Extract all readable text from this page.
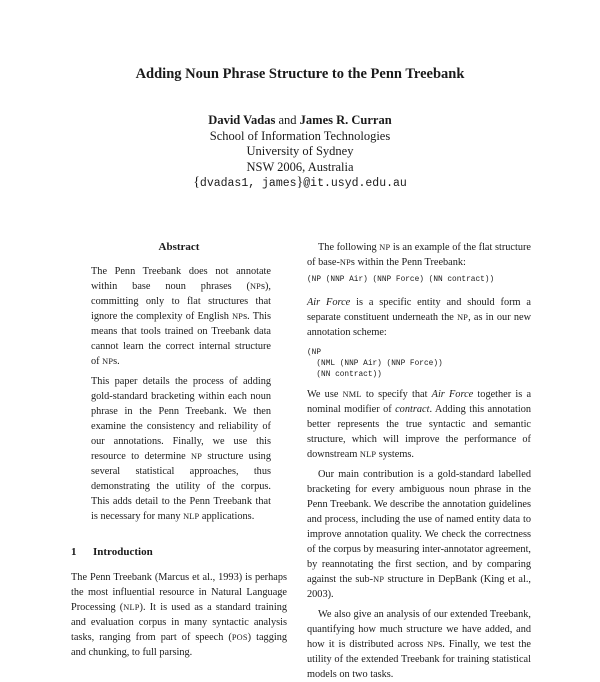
Adding Noun Phrase Structure to the Penn Treebank
David Vadas and James R. Curran
School of Information Technologies
University of Sydney
NSW 2006, Australia
{dvadas1, james}@it.usyd.edu.au
Abstract

The Penn Treebank does not annotate within base noun phrases (NPs), committing only to flat structures that ignore the complexity of English NPs. This means that tools trained on Treebank data cannot learn the correct internal structure of NPs.

This paper details the process of adding gold-standard bracketing within each noun phrase in the Penn Treebank. We then examine the consistency and reliability of our annotations. Finally, we use this resource to determine NP structure using several statistical approaches, thus demonstrating the utility of the corpus. This adds detail to the Penn Treebank that is necessary for many NLP applications.

1 Introduction

The Penn Treebank (Marcus et al., 1993) is perhaps the most influential resource in Natural Language Processing (NLP). It is used as a standard training and evaluation corpus in many syntactic analysis tasks, ranging from part of speech (POS) tagging and chunking, to full parsing.

The following NP is an example of the flat structure of base-NPs within the Penn Treebank:

(NP (NNP Air) (NNP Force) (NN contract))

Air Force is a specific entity and should form a separate constituent underneath the NP, as in our new annotation scheme:

(NP
(NML (NNP Air) (NNP Force))
(NN contract))

We use NML to specify that Air Force together is a nominal modifier of contract. Adding this annotation better represents the true syntactic and semantic structure, which will improve the performance of downstream NLP systems.

Our main contribution is a gold-standard labelled bracketing for every ambiguous noun phrase in the Penn Treebank. We describe the annotation guidelines and process, including the use of named entity data to improve annotation quality. We check the correctness of the corpus by measuring inter-annotator agreement, by reannotating the first section, and by comparing against the sub-NP structure in DepBank (King et al., 2003).

We also give an analysis of our extended Treebank, quantifying how much structure we have added, and how it is distributed across NPs. Finally, we test the utility of the extended Treebank for training statistical models on two tasks.
